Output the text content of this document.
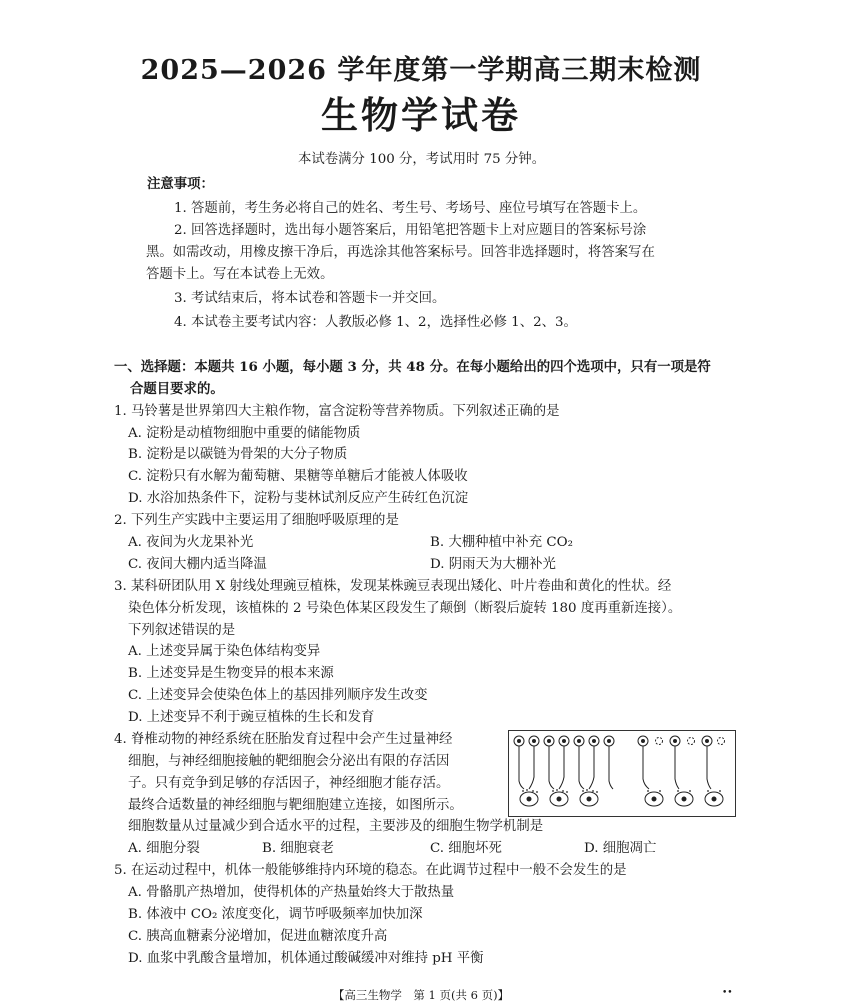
2025—2026 学年度第一学期高三期末检测
生物学试卷
本试卷满分 100 分，考试用时 75 分钟。
注意事项：
1. 答题前，考生务必将自己的姓名、考生号、考场号、座位号填写在答题卡上。
2. 回答选择题时，选出每小题答案后，用铅笔把答题卡上对应题目的答案标号涂
黑。如需改动，用橡皮擦干净后，再选涂其他答案标号。回答非选择题时，将答案写在
答题卡上。写在本试卷上无效。
3. 考试结束后，将本试卷和答题卡一并交回。
4. 本试卷主要考试内容：人教版必修 1、2，选择性必修 1、2、3。
一、选择题：本题共 16 小题，每小题 3 分，共 48 分。在每小题给出的四个选项中，只有一项是符
合题目要求的。
1. 马铃薯是世界第四大主粮作物，富含淀粉等营养物质。下列叙述正确的是
A. 淀粉是动植物细胞中重要的储能物质
B. 淀粉是以碳链为骨架的大分子物质
C. 淀粉只有水解为葡萄糖、果糖等单糖后才能被人体吸收
D. 水浴加热条件下，淀粉与斐林试剂反应产生砖红色沉淀
2. 下列生产实践中主要运用了细胞呼吸原理的是
A. 夜间为火龙果补光	B. 大棚种植中补充 CO₂
C. 夜间大棚内适当降温	D. 阴雨天为大棚补光
3. 某科研团队用 X 射线处理豌豆植株，发现某株豌豆表现出矮化、叶片卷曲和黄化的性状。经
染色体分析发现，该植株的 2 号染色体某区段发生了颠倒（断裂后旋转 180 度再重新连接）。
下列叙述错误的是
A. 上述变异属于染色体结构变异
B. 上述变异是生物变异的根本来源
C. 上述变异会使染色体上的基因排列顺序发生改变
D. 上述变异不利于豌豆植株的生长和发育
4. 脊椎动物的神经系统在胚胎发育过程中会产生过量神经
细胞，与神经细胞接触的靶细胞会分泌出有限的存活因
子。只有竞争到足够的存活因子，神经细胞才能存活。
最终合适数量的神经细胞与靶细胞建立连接，如图所示。
细胞数量从过量减少到合适水平的过程，主要涉及的细胞生物学机制是
A. 细胞分裂	B. 细胞衰老	C. 细胞坏死	D. 细胞凋亡
5. 在运动过程中，机体一般能够维持内环境的稳态。在此调节过程中一般不会发生的是
A. 骨骼肌产热增加，使得机体的产热量始终大于散热量
B. 体液中 CO₂ 浓度变化，调节呼吸频率加快加深
C. 胰高血糖素分泌增加，促进血糖浓度升高
D. 血浆中乳酸含量增加，机体通过酸碱缓冲对维持 pH 平衡
【高三生物学　第 1 页(共 6 页)】	••
